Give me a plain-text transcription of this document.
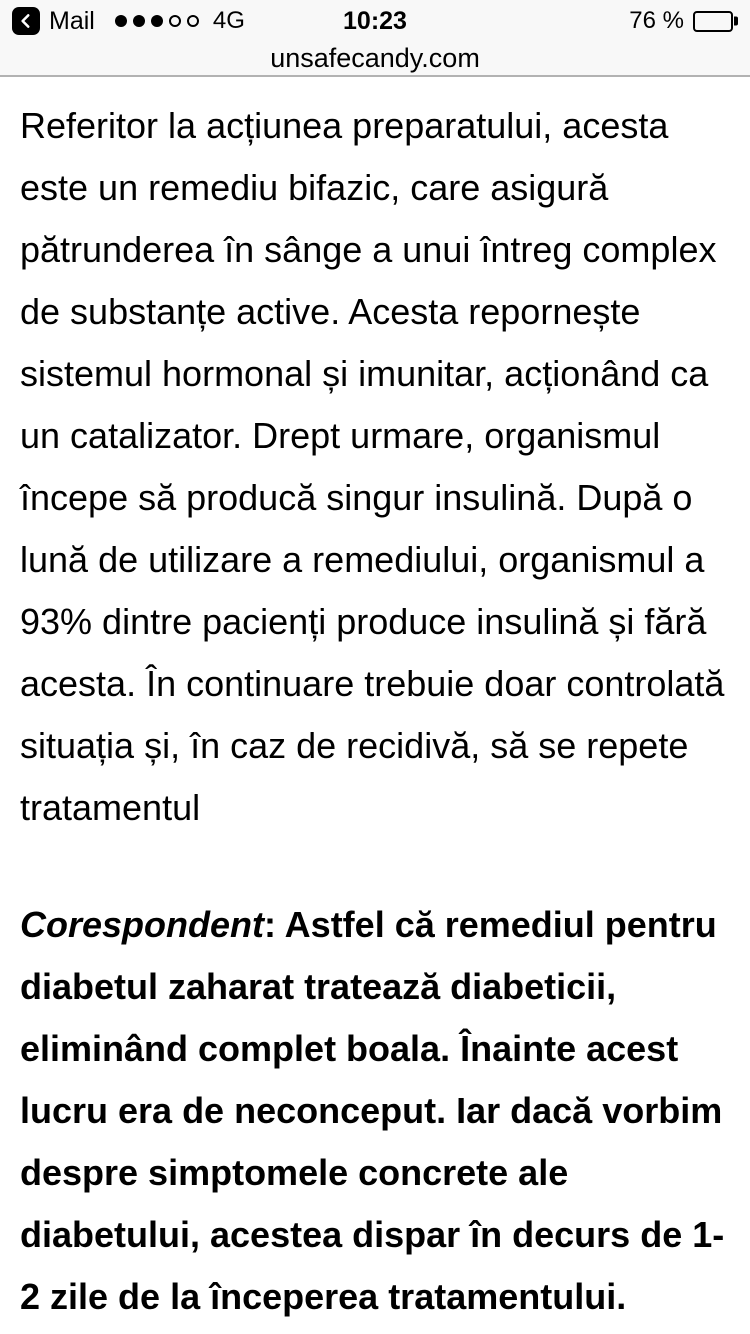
Mail	4G	10:23	76 %
unsafecandy.com
Referitor la acțiunea preparatului, acesta
este un remediu bifazic, care asigură
pătrunderea în sânge a unui întreg complex
de substanțe active. Acesta repornește
sistemul hormonal și imunitar, acționând ca
un catalizator. Drept urmare, organismul
începe să producă singur insulină. După o
lună de utilizare a remediului, organismul a
93% dintre pacienți produce insulină și fără
acesta. În continuare trebuie doar controlată
situația și, în caz de recidivă, să se repete
tratamentul
Corespondent: Astfel că remediul pentru
diabetul zaharat tratează diabeticii,
eliminând complet boala. Înainte acest
lucru era de neconceput. Iar dacă vorbim
despre simptomele concrete ale
diabetului, acestea dispar în decurs de 1-
2 zile de la începerea tratamentului.
